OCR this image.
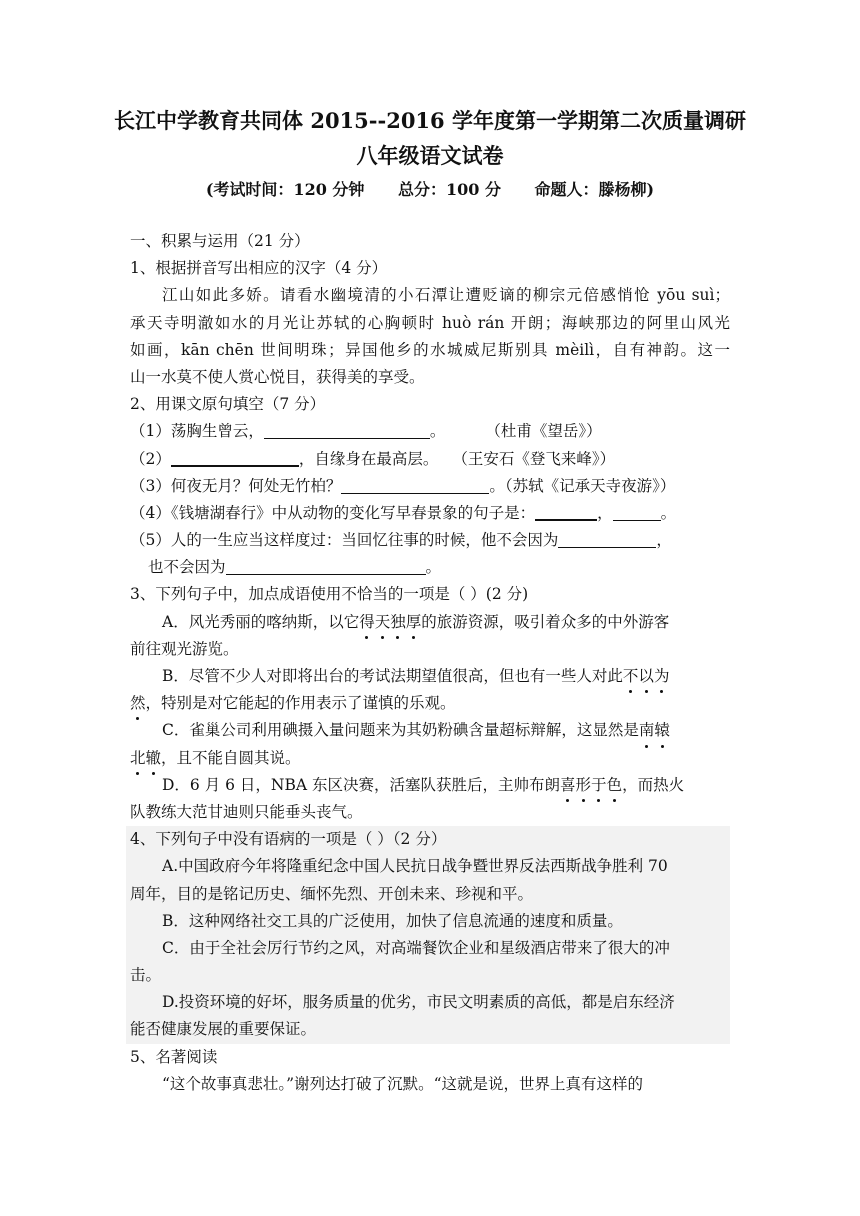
长江中学教育共同体 2015--2016 学年度第一学期第二次质量调研
八年级语文试卷
(考试时间：120 分钟 总分：100 分 命题人：滕杨柳)
一、积累与运用（21 分）
1、根据拼音写出相应的汉字（4 分）
江山如此多娇。请看水幽境清的小石潭让遭贬谪的柳宗元倍感悄怆 yōu suì；
承天寺明澈如水的月光让苏轼的心胸顿时 huò rán 开朗；海峡那边的阿里山风光
如画，kān chēn 世间明珠；异国他乡的水城威尼斯别具 mèilì，自有神韵。这一
山一水莫不使人赏心悦目，获得美的享受。
2、用课文原句填空（7 分）
（1）荡胸生曾云，	。	（杜甫《望岳》）
（2）	，自缘身在最高层。 （王安石《登飞来峰》）
（3）何夜无月？何处无竹柏？	。（苏轼《记承天寺夜游》）
（4）《钱塘湖春行》中从动物的变化写早春景象的句子是：	，	。
（5）人的一生应当这样度过：当回忆往事的时候，他不会因为	，
也不会因为	。
3、下列句子中，加点成语使用不恰当的一项是（ ）(2 分)
A．风光秀丽的喀纳斯，以它得天独厚的旅游资源，吸引着众多的中外游客
前往观光游览。
B．尽管不少人对即将出台的考试法期望值很高，但也有一些人对此不以为
然，特别是对它能起的作用表示了谨慎的乐观。
C．雀巢公司利用碘摄入量问题来为其奶粉碘含量超标辩解，这显然是南辕
北辙，且不能自圆其说。
D．6 月 6 日，NBA 东区决赛，活塞队获胜后，主帅布朗喜形于色，而热火
队教练大范甘迪则只能垂头丧气。
4、下列句子中没有语病的一项是（ ）（2 分）
A.中国政府今年将隆重纪念中国人民抗日战争暨世界反法西斯战争胜利 70
周年，目的是铭记历史、缅怀先烈、开创未来、珍视和平。
B．这种网络社交工具的广泛使用，加快了信息流通的速度和质量。
C．由于全社会厉行节约之风，对高端餐饮企业和星级酒店带来了很大的冲
击。
D.投资环境的好坏，服务质量的优劣，市民文明素质的高低，都是启东经济
能否健康发展的重要保证。
5、名著阅读
“这个故事真悲壮。”谢列达打破了沉默。“这就是说，世界上真有这样的
